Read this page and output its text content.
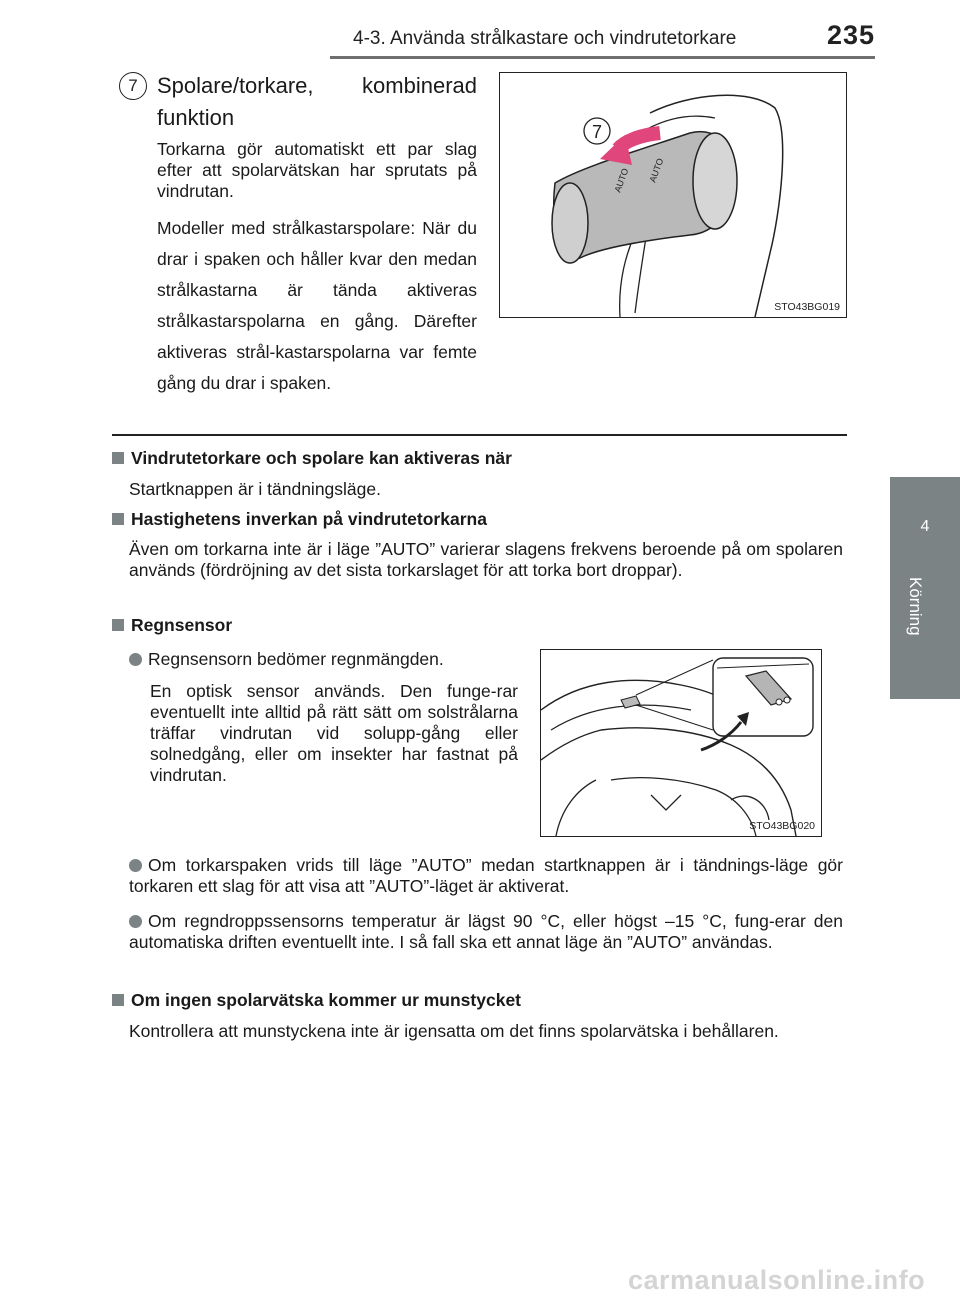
4-3. Använda strålkastare och vindrutetorkare	235
4
Körning
7 Spolare/torkare, kombinerad
funktion
Torkarna gör automatiskt ett par slag efter att spolarvätskan har sprutats på vindrutan.
Modeller med strålkastarspolare: När du drar i spaken och håller kvar den medan strålkastarna är tända aktiveras strålkastarspolarna en gång. Därefter aktiveras strål-kastarspolarna var femte gång du drar i spaken.
AUTO AUTO
7
STO43BG019
Vindrutetorkare och spolare kan aktiveras när
Startknappen är i tändningsläge.
Hastighetens inverkan på vindrutetorkarna
Även om torkarna inte är i läge ”AUTO” varierar slagens frekvens beroende på om spolaren används (fördröjning av det sista torkarslaget för att torka bort droppar).
Regnsensor
Regnsensorn bedömer regnmängden.
En optisk sensor används. Den funge-rar eventuellt inte alltid på rätt sätt om solstrålarna träffar vindrutan vid solupp-gång eller solnedgång, eller om insekter har fastnat på vindrutan.
STO43BG020
Om torkarspaken vrids till läge ”AUTO” medan startknappen är i tändnings-läge gör torkaren ett slag för att visa att ”AUTO”-läget är aktiverat.
Om regndroppssensorns temperatur är lägst 90 °C, eller högst –15 °C, fung-erar den automatiska driften eventuellt inte. I så fall ska ett annat läge än ”AUTO” användas.
Om ingen spolarvätska kommer ur munstycket
Kontrollera att munstyckena inte är igensatta om det finns spolarvätska i behållaren.
carmanualsonline.info
